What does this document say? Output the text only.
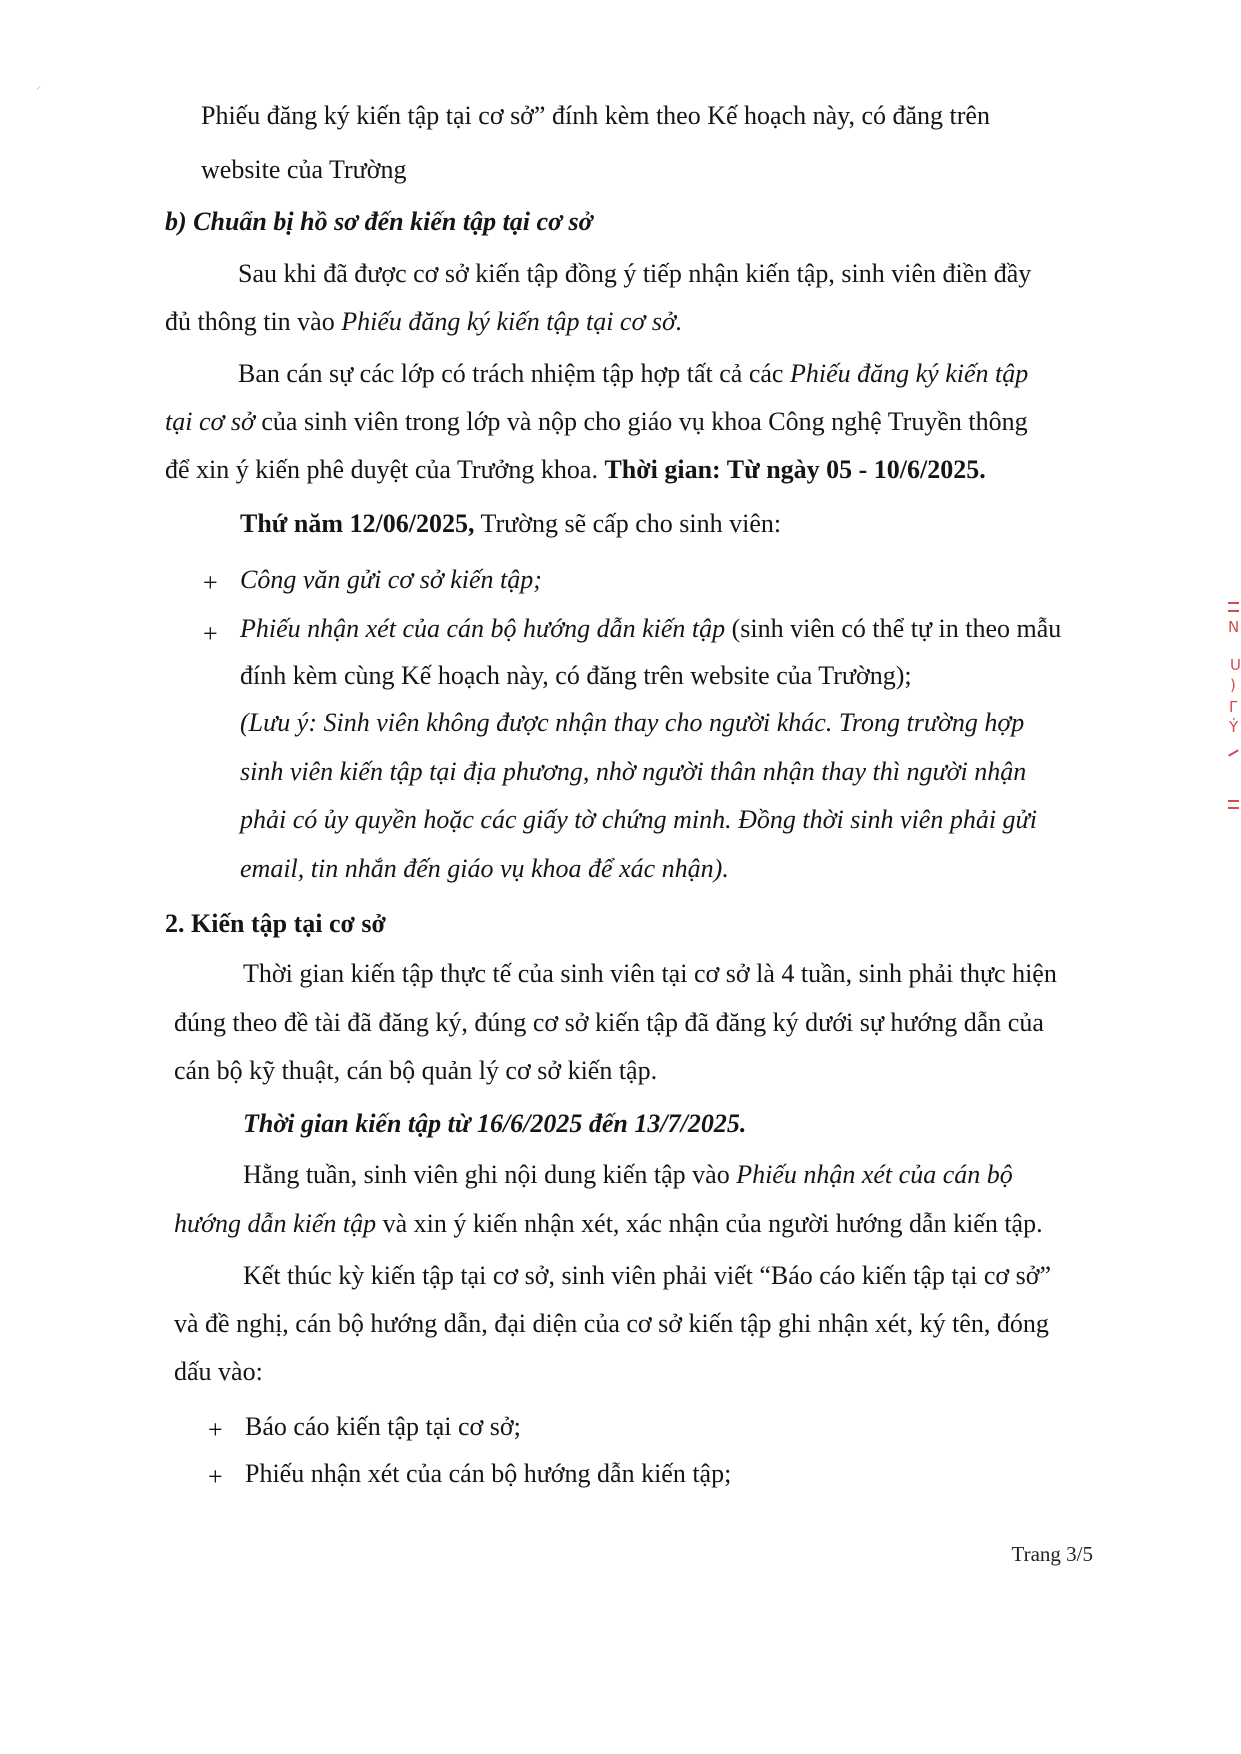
⸝
Phiếu đăng ký kiến tập tại cơ sở” đính kèm theo Kế hoạch này, có đăng trên
website của Trường
b) Chuẩn bị hồ sơ đến kiến tập tại cơ sở
Sau khi đã được cơ sở kiến tập đồng ý tiếp nhận kiến tập, sinh viên điền đầy
đủ thông tin vào Phiếu đăng ký kiến tập tại cơ sở.
Ban cán sự các lớp có trách nhiệm tập hợp tất cả các Phiếu đăng ký kiến tập
tại cơ sở của sinh viên trong lớp và nộp cho giáo vụ khoa Công nghệ Truyền thông
để xin ý kiến phê duyệt của Trưởng khoa. Thời gian: Từ ngày 05 - 10/6/2025.
Thứ năm 12/06/2025, Trường sẽ cấp cho sinh viên:
+ Công văn gửi cơ sở kiến tập;
+ Phiếu nhận xét của cán bộ hướng dẫn kiến tập (sinh viên có thể tự in theo mẫu
đính kèm cùng Kế hoạch này, có đăng trên website của Trường);
(Lưu ý: Sinh viên không được nhận thay cho người khác. Trong trường hợp
sinh viên kiến tập tại địa phương, nhờ người thân nhận thay thì người nhận
phải có ủy quyền hoặc các giấy tờ chứng minh. Đồng thời sinh viên phải gửi
email, tin nhắn đến giáo vụ khoa để xác nhận).
2. Kiến tập tại cơ sở
Thời gian kiến tập thực tế của sinh viên tại cơ sở là 4 tuần, sinh phải thực hiện
đúng theo đề tài đã đăng ký, đúng cơ sở kiến tập đã đăng ký dưới sự hướng dẫn của
cán bộ kỹ thuật, cán bộ quản lý cơ sở kiến tập.
Thời gian kiến tập từ 16/6/2025 đến 13/7/2025.
Hằng tuần, sinh viên ghi nội dung kiến tập vào Phiếu nhận xét của cán bộ
hướng dẫn kiến tập và xin ý kiến nhận xét, xác nhận của người hướng dẫn kiến tập.
Kết thúc kỳ kiến tập tại cơ sở, sinh viên phải viết “Báo cáo kiến tập tại cơ sở”
và đề nghị, cán bộ hướng dẫn, đại diện của cơ sở kiến tập ghi nhận xét, ký tên, đóng
dấu vào:
+ Báo cáo kiến tập tại cơ sở;
+ Phiếu nhận xét của cán bộ hướng dẫn kiến tập;
Trang 3/5
N
U
)
Γ
Ý
